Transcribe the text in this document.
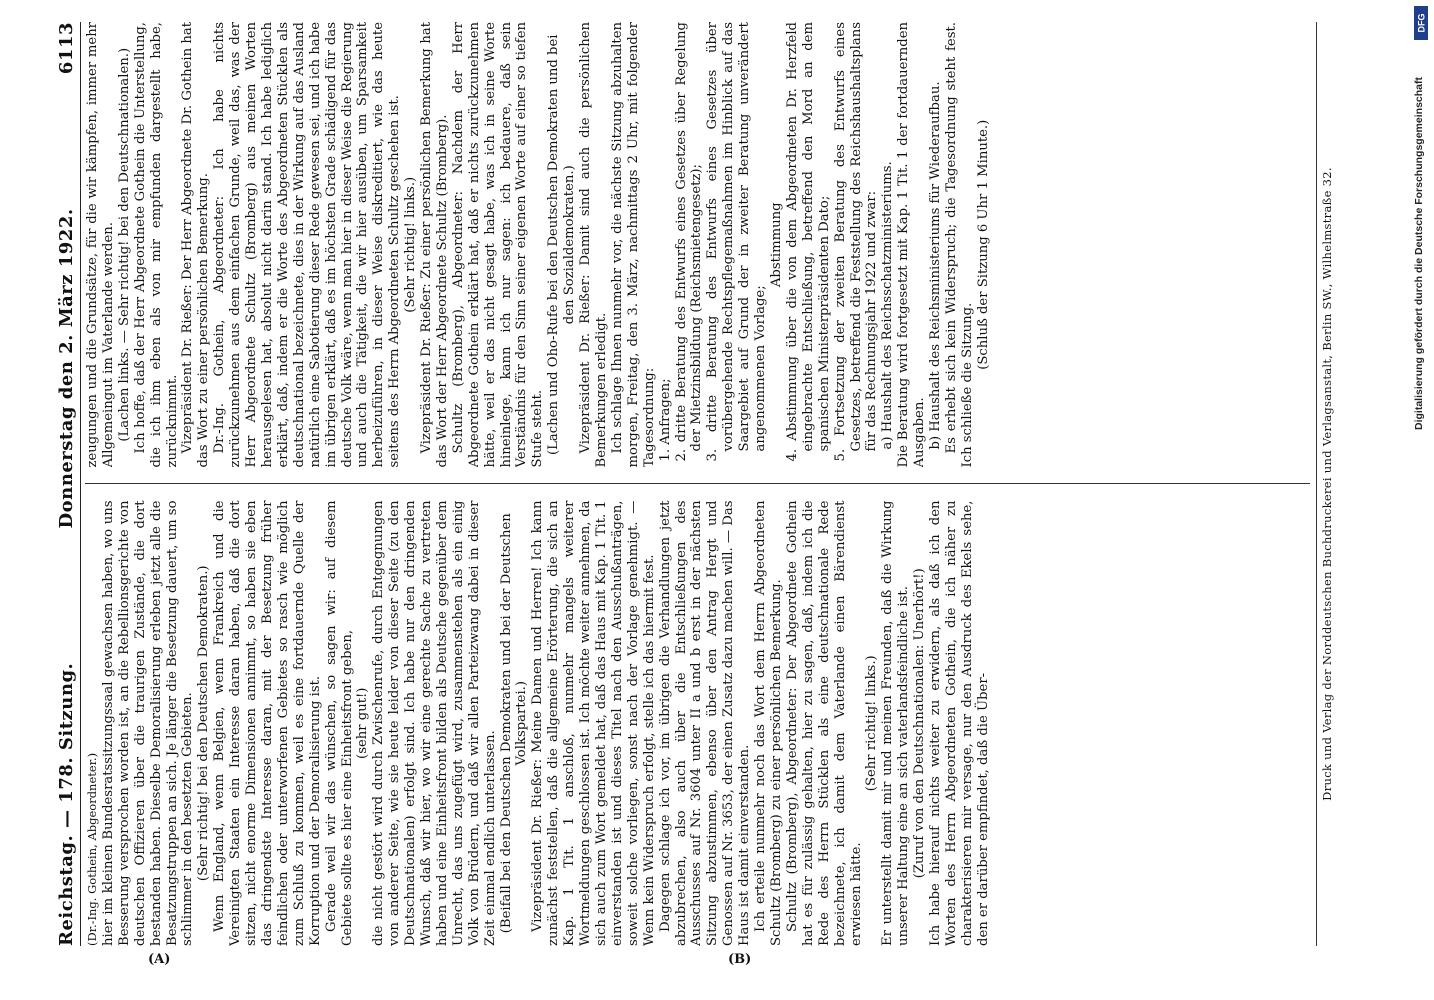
Reichstag. — 178. Sitzung.
Donnerstag den 2. März 1922.
6113

(Dr.-Ing. Gothein, Abgeordneter.) hier im kleinen Bundesratssitzungssaal gewachsen haben, wo uns Besserung versprochen worden ist, an die Rebellionsgerichte von deutschen Offizieren über die traurigen Zustände, die dort bestanden haben. Dieselbe Demoralisierung erleben jetzt alle die Besatzungstruppen an sich. Je länger die Besetzung dauert, um so schlimmer in den besetzten Gebieten. (Sehr richtig! bei den Deutschen Demokraten.) Wenn England, wenn Belgien, wenn Frankreich und die Vereinigten Staaten ein Interesse daran haben, daß die dort sitzen, nicht enorme Dimensionen annimmt, so haben sie eben das dringendste Interesse daran, mit der Besetzung früher feindlichen oder unterworfenen Gebietes so rasch wie möglich zum Schluß zu kommen, weil es eine fortdauernde Quelle der Korruption und der Demoralisierung ist. Gerade weil wir das wünschen, so sagen wir: auf diesem Gebiete sollte es hier eine Einheitsfront geben, (sehr gut!) die nicht gestört wird durch Zwischenrufe, durch Entgegnungen von anderer Seite, wie sie heute leider von dieser Seite (zu den Deutschnationalen) erfolgt sind. Ich habe nur den dringenden Wunsch, daß wir hier, wo wir eine gerechte Sache zu vertreten haben und eine Einheitsfront bilden als Deutsche gegenüber dem Unrecht, das uns zugefügt wird, zusammenstehen als ein einig Volk von Brüdern, und daß wir allen Parteizwang dabei in dieser Zeit einmal endlich unterlassen. (Beifall bei den Deutschen Demokraten und bei der Deutschen Volkspartei.) Vizepräsident Dr. Rießer: Meine Damen und Herren! Ich kann zunächst feststellen, daß die allgemeine Erörterung, die sich an Kap. 1 Tit. 1 anschloß, nunmehr mangels weiterer Wortmeldungen geschlossen ist. Ich möchte weiter annehmen, da sich auch zum Wort gemeldet hat, daß das Haus mit Kap. 1 Tit. 1 einverstanden ist und dieses Titel nach den Ausschußanträgen, soweit solche vorliegen, sonst nach der Vorlage genehmigt. — Wenn kein Widerspruch erfolgt, stelle ich das hiermit fest. Dagegen schlage ich vor, im übrigen die Verhandlungen jetzt abzubrechen, also auch über die Entschließungen des Ausschusses auf Nr. 3604 unter II a und b erst in der nächsten Sitzung abzustimmen, ebenso über den Antrag Hergt und Genossen auf Nr. 3653, der einen Zusatz dazu machen will. — Das Haus ist damit einverstanden. Ich erteile nunmehr noch das Wort dem Herrn Abgeordneten Schultz (Bromberg) zu einer persönlichen Bemerkung. Schultz (Bromberg), Abgeordneter: Der Abgeordnete Gothein hat es für zulässig gehalten, hier zu sagen, daß, indem ich die Rede des Herrn Stücklen als eine deutschnationale Rede bezeichnete, ich damit dem Vaterlande einen Bärendienst erwiesen hätte.

(Sehr richtig! links.) Er unterstellt damit mir und meinen Freunden, daß die Wirkung unserer Haltung eine an sich vaterlandsfeindliche ist. (Zuruf von den Deutschnationalen: Unerhört!) Ich habe hierauf nichts weiter zu erwidern, als daß ich den Worten des Herrn Abgeordneten Gothein, die ich näher zu charakterisieren mir versage, nur den Ausdruck des Ekels sehe, den er darüber empfindet, daß die Über-

zeugungen und die Grundsätze, für die wir kämpfen, immer mehr Allgemeingut im Vaterlande werden. (Lachen links. — Sehr richtig! bei den Deutschnationalen.) Ich hoffe, daß der Herr Abgeordnete Gothein die Unterstellung, die ich ihm eben als von mir empfunden dargestellt habe, zurücknimmt. Vizepräsident Dr. Rießer: Der Herr Abgeordnete Dr. Gothein hat das Wort zu einer persönlichen Bemerkung. Dr.-Ing. Gothein, Abgeordneter: Ich habe nichts zurückzunehmen aus dem einfachen Grunde, weil das, was der Herr Abgeordnete Schultz (Bromberg) aus meinen Worten herausgelesen hat, absolut nicht darin stand. Ich habe lediglich erklärt, daß, indem er die Worte des Abgeordneten Stücklen als deutschnational bezeichnete, dies in der Wirkung auf das Ausland natürlich eine Sabotierung dieser Rede gewesen sei, und ich habe im übrigen erklärt, daß es im höchsten Grade schädigend für das deutsche Volk wäre, wenn man hier in dieser Weise die Regierung und auch die Tätigkeit, die wir hier ausüben, um Sparsamkeit herbeizuführen, in dieser Weise diskreditiert, wie das heute seitens des Herrn Abgeordneten Schultz geschehen ist. (Sehr richtig! links.) Vizepräsident Dr. Rießer: Zu einer persönlichen Bemerkung hat das Wort der Herr Abgeordnete Schultz (Bromberg). Schultz (Bromberg), Abgeordneter: Nachdem der Herr Abgeordnete Gothein erklärt hat, daß er nichts zurückzunehmen hätte, weil er das nicht gesagt habe, was ich in seine Worte hineinlege, kann ich nur sagen: ich bedauere, daß sein Verständnis für den Sinn seiner eigenen Worte auf einer so tiefen Stufe steht. (Lachen und Oho-Rufe bei den Deutschen Demokraten und bei den Sozialdemokraten.) Vizepräsident Dr. Rießer: Damit sind auch die persönlichen Bemerkungen erledigt. Ich schlage Ihnen nunmehr vor, die nächste Sitzung abzuhalten morgen, Freitag, den 3. März, nachmittags 2 Uhr, mit folgender Tagesordnung: 1. Anfragen; 2. dritte Beratung des Entwurfs eines Gesetzes über Regelung der Mietzinsbildung (Reichsmietengesetz); 3. dritte Beratung des Entwurfs eines Gesetzes über vorübergehende Rechtspflegemaßnahmen im Hinblick auf das Saargebiet auf Grund der in zweiter Beratung unverändert angenommenen Vorlage;

Abstimmung 4. Abstimmung über die von dem Abgeordneten Dr. Herzfeld eingebrachte Entschließung, betreffend den Mord an dem spanischen Ministerpräsidenten Dato; 5. Fortsetzung der zweiten Beratung des Entwurfs eines Gesetzes, betreffend die Feststellung des Reichshaushaltsplans für das Rechnungsjahr 1922 und zwar: a) Haushalt des Reichsschatzministeriums. Die Beratung wird fortgesetzt mit Kap. 1 Tit. 1 der fortdauernden Ausgaben. b) Haushalt des Reichsministeriums für Wiederaufbau. Es erhebt sich kein Widerspruch; die Tagesordnung steht fest. Ich schließe die Sitzung.

(Schluß der Sitzung 6 Uhr 1 Minute.)	Druck und Verlag der Norddeutschen Buchdruckerei und Verlagsanstalt, Berlin SW., Wilhelmstraße 32.
(A)	(B)
DFG
Digitalisierung gefördert durch die Deutsche Forschungsgemeinschaft
